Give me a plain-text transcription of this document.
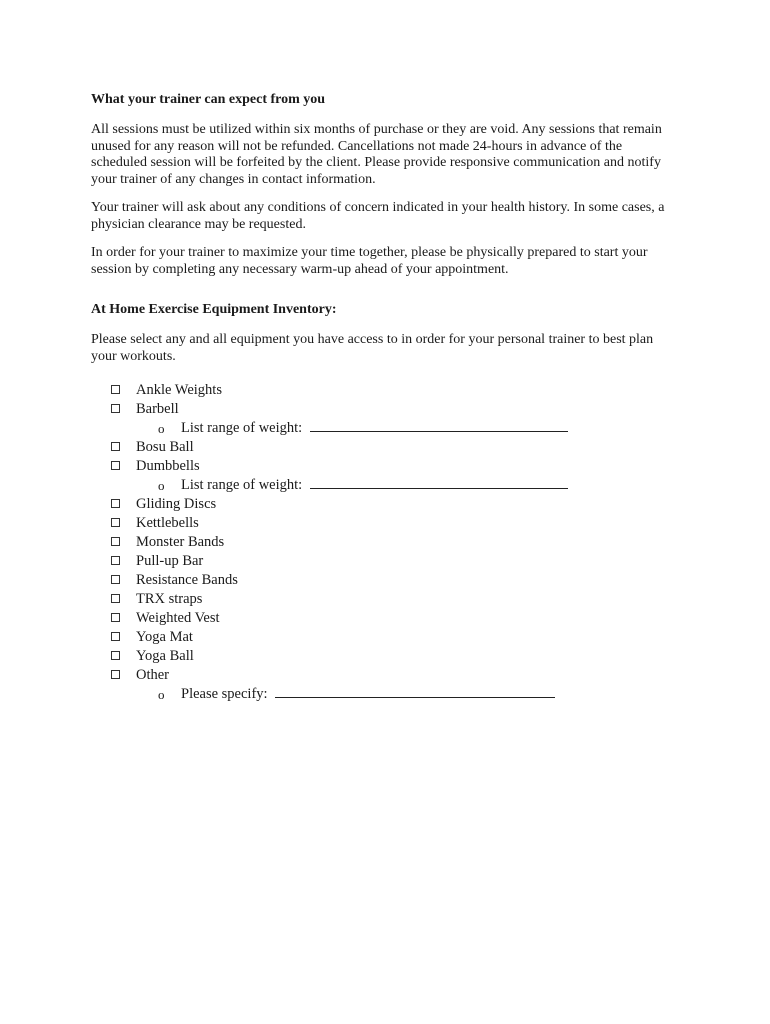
What your trainer can expect from you

All sessions must be utilized within six months of purchase or they are void. Any sessions that remain unused for any reason will not be refunded. Cancellations not made 24-hours in advance of the scheduled session will be forfeited by the client. Please provide responsive communication and notify your trainer of any changes in contact information.

Your trainer will ask about any conditions of concern indicated in your health history. In some cases, a physician clearance may be requested.

In order for your trainer to maximize your time together, please be physically prepared to start your session by completing any necessary warm-up ahead of your appointment.

At Home Exercise Equipment Inventory:

Please select any and all equipment you have access to in order for your personal trainer to best plan your workouts.

Ankle Weights
Barbell
o List range of weight:
Bosu Ball
Dumbbells
o List range of weight:
Gliding Discs
Kettlebells
Monster Bands
Pull-up Bar
Resistance Bands
TRX straps
Weighted Vest
Yoga Mat
Yoga Ball
Other
o Please specify:
